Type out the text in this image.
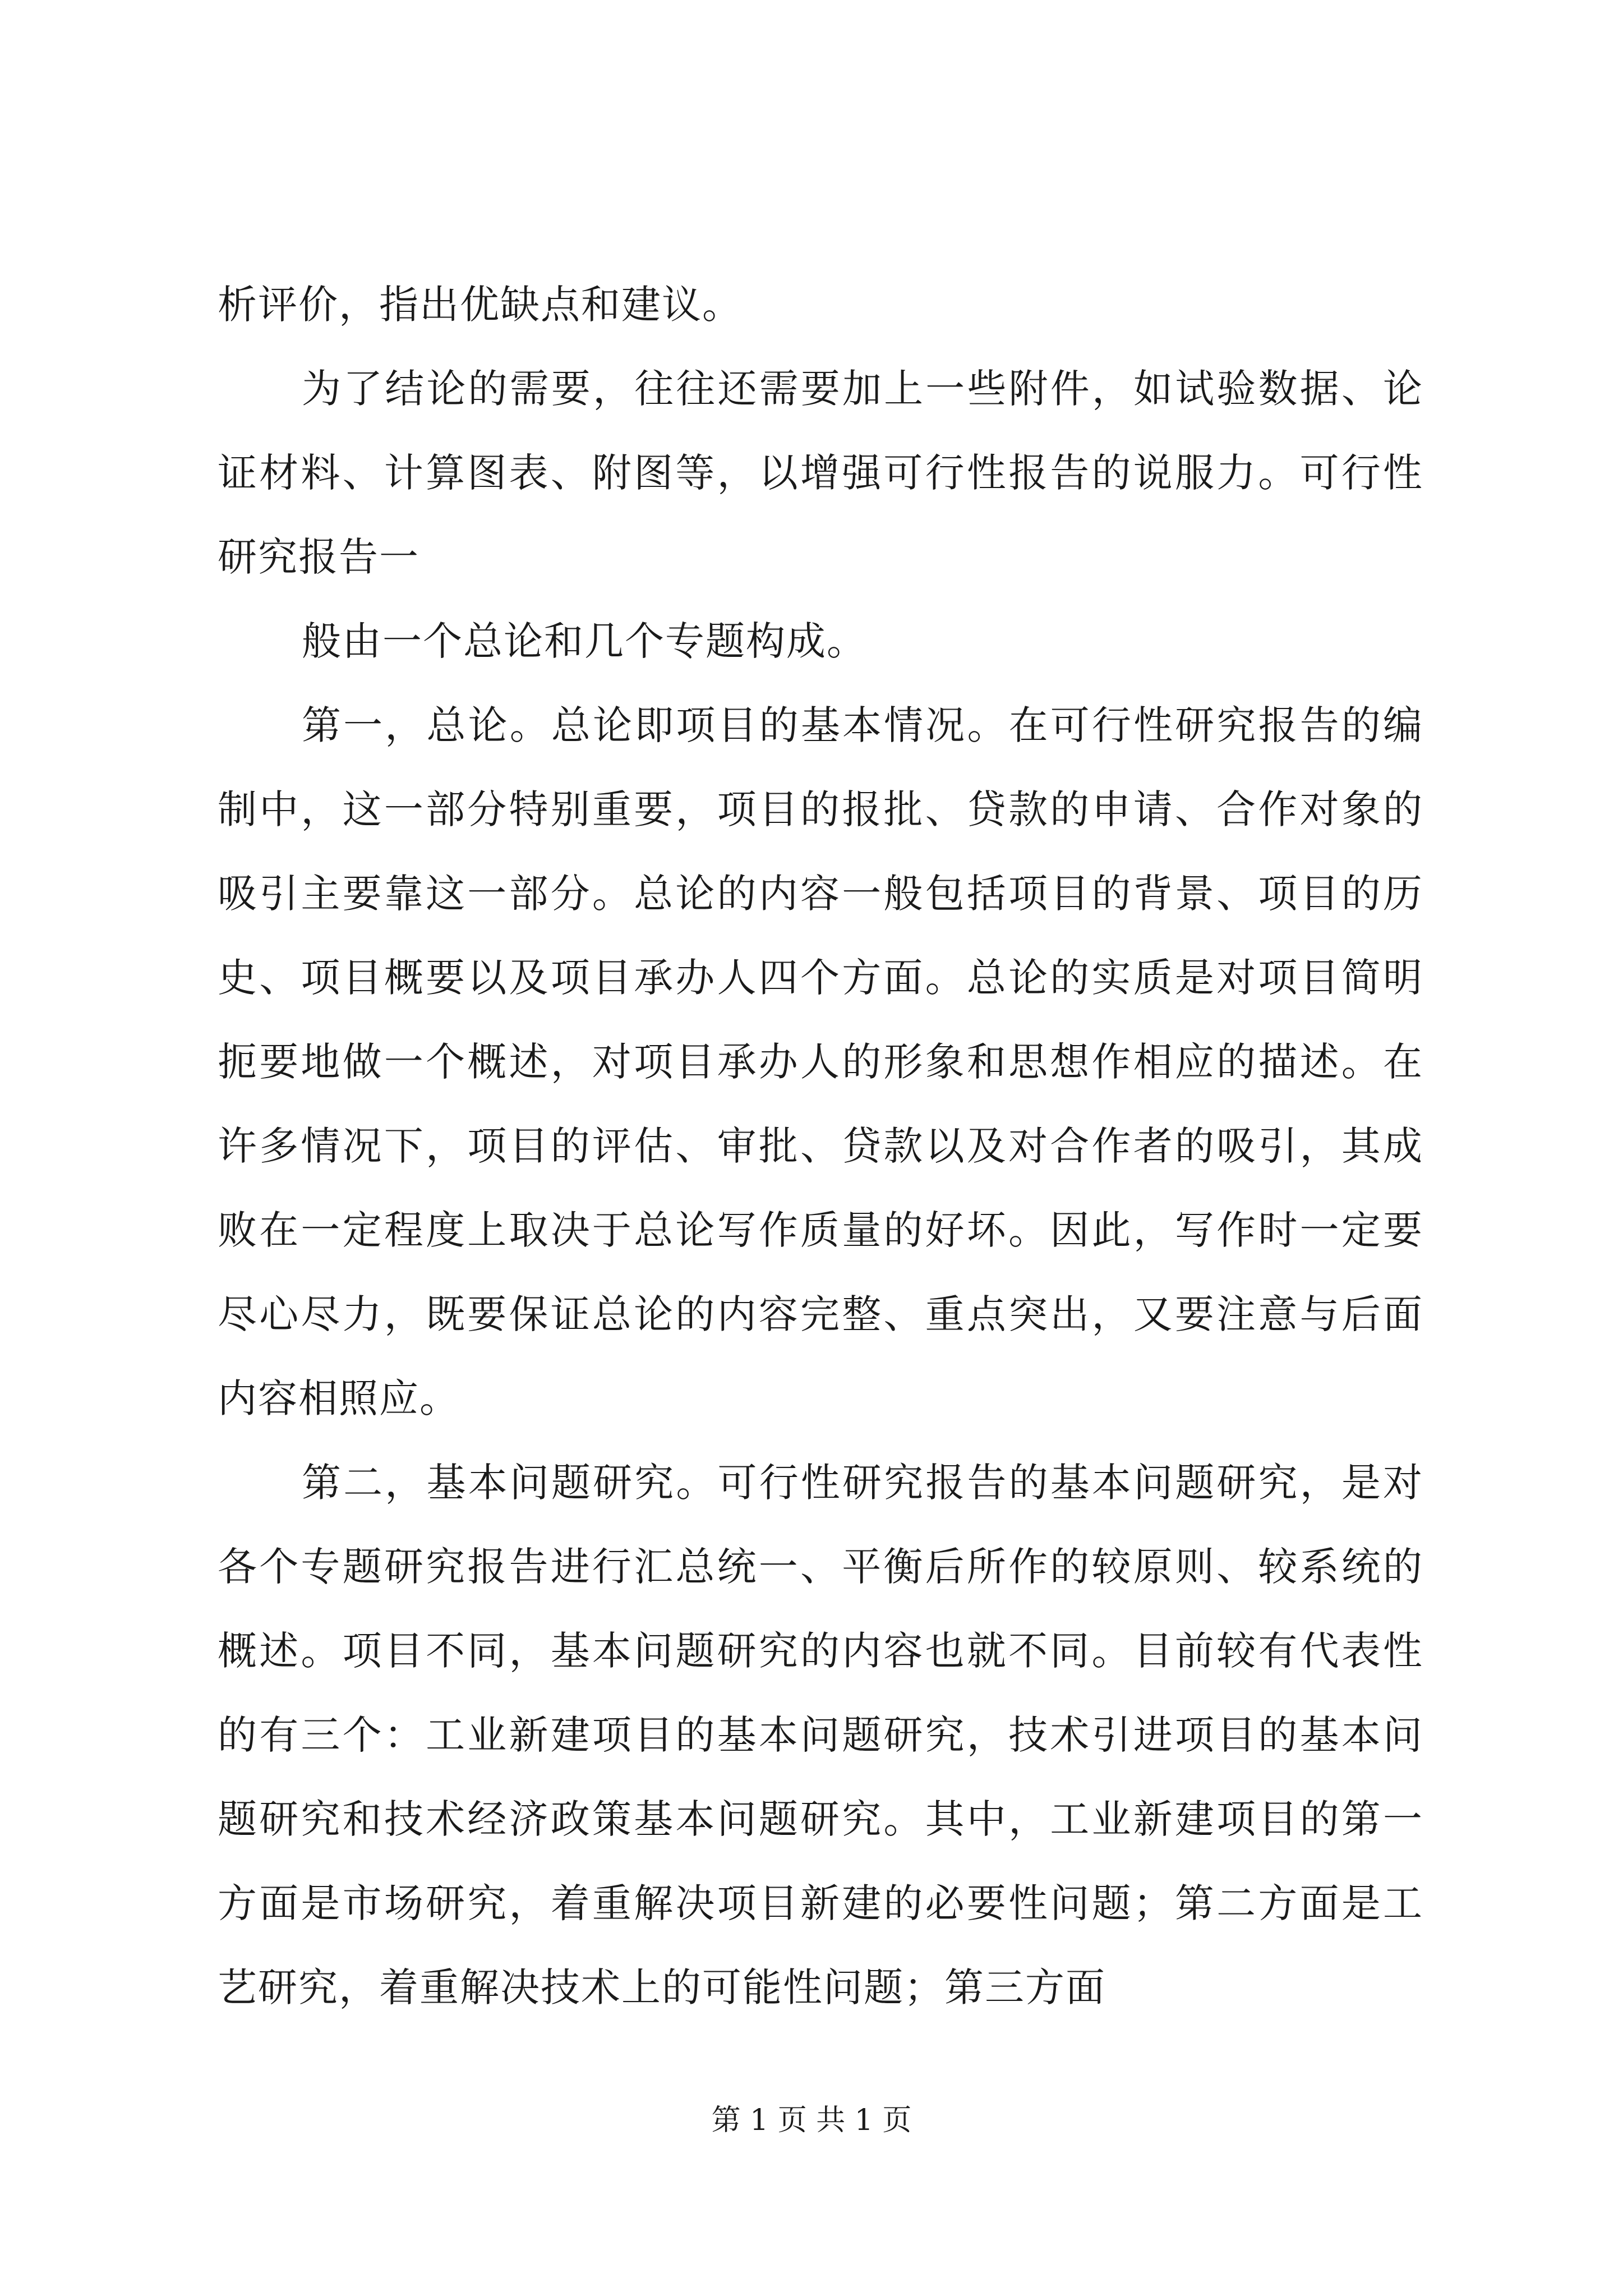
析评价，指出优缺点和建议。

为了结论的需要，往往还需要加上一些附件，如试验数据、论证材料、计算图表、附图等，以增强可行性报告的说服力。可行性研究报告一

般由一个总论和几个专题构成。

第一，总论。总论即项目的基本情况。在可行性研究报告的编制中，这一部分特别重要，项目的报批、贷款的申请、合作对象的吸引主要靠这一部分。总论的内容一般包括项目的背景、项目的历史、项目概要以及项目承办人四个方面。总论的实质是对项目简明扼要地做一个概述，对项目承办人的形象和思想作相应的描述。在许多情况下，项目的评估、审批、贷款以及对合作者的吸引，其成败在一定程度上取决于总论写作质量的好坏。因此，写作时一定要尽心尽力，既要保证总论的内容完整、重点突出，又要注意与后面内容相照应。

第二，基本问题研究。可行性研究报告的基本问题研究，是对各个专题研究报告进行汇总统一、平衡后所作的较原则、较系统的概述。项目不同，基本问题研究的内容也就不同。目前较有代表性的有三个：工业新建项目的基本问题研究，技术引进项目的基本问题研究和技术经济政策基本问题研究。其中，工业新建项目的第一方面是市场研究，着重解决项目新建的必要性问题；第二方面是工艺研究，着重解决技术上的可能性问题；第三方面

第 1 页 共 1 页
